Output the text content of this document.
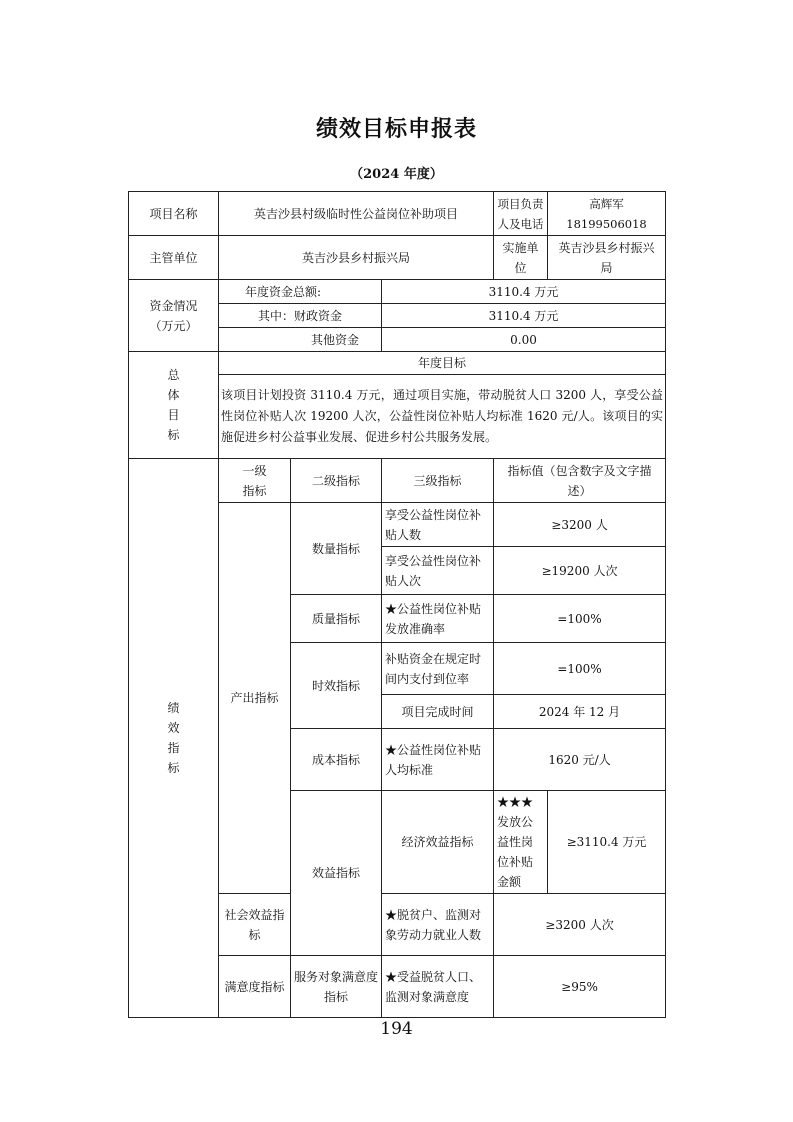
绩效目标申报表
（2024 年度）
项目名称	英吉沙县村级临时性公益岗位补助项目			项目负责人及电话	高辉军 18199506018
主管单位	英吉沙县乡村振兴局			实施单位	英吉沙县乡村振兴局
资金情况（万元）	年度资金总额:		3110.4 万元		
	其中：财政资金		3110.4 万元		
	其他资金		0.00		
总体目标	年度目标				
	该项目计划投资 3110.4 万元，通过项目实施，带动脱贫人口 3200 人，享受公益性岗位补贴人次 19200 人次，公益性岗位补贴人均标准 1620 元/人。该项目的实施促进乡村公益事业发展、促进乡村公共服务发展。				
绩效指标	一级指标	二级指标	三级指标	指标值（包含数字及文字描述）	
	产出指标	数量指标	享受公益性岗位补贴人数	≥3200 人	
			享受公益性岗位补贴人次	≥19200 人次	
		质量指标	★公益性岗位补贴发放准确率	=100%	
		时效指标	补贴资金在规定时间内支付到位率	=100%	
			项目完成时间	2024 年 12 月	
		成本指标	★公益性岗位补贴人均标准	1620 元/人	
		效益指标	经济效益指标	★★★发放公益性岗位补贴金额	≥3110.4 万元
	社会效益指标		★脱贫户、监测对象劳动力就业人数	≥3200 人次	
	满意度指标	服务对象满意度指标	★受益脱贫人口、监测对象满意度	≥95%	
194
